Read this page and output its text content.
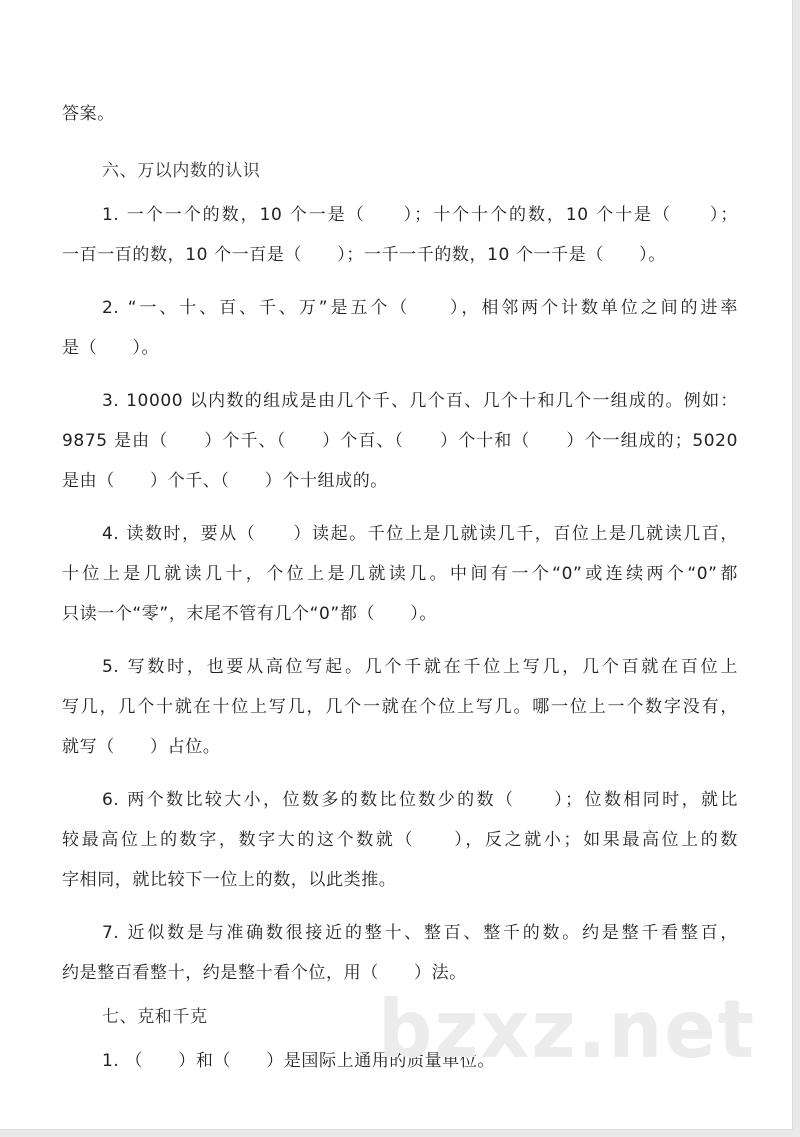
答案。
六、万以内数的认识
1. 一个一个的数，10 个一是（　　）；十个十个的数，10 个十是（　　）；
一百一百的数，10 个一百是（　　）；一千一千的数，10 个一千是（　　）。
2. “一、十、百、千、万”是五个（　　），相邻两个计数单位之间的进率
是（　　）。
3. 10000 以内数的组成是由几个千、几个百、几个十和几个一组成的。例如：
9875 是由（　　）个千、（　　）个百、（　　）个十和（　　）个一组成的；5020
是由（　　）个千、（　　）个十组成的。
4. 读数时，要从（　　）读起。千位上是几就读几千，百位上是几就读几百，
十位上是几就读几十，个位上是几就读几。中间有一个“0”或连续两个“0”都
只读一个“零”，末尾不管有几个“0”都（　　）。
5. 写数时，也要从高位写起。几个千就在千位上写几，几个百就在百位上
写几，几个十就在十位上写几，几个一就在个位上写几。哪一位上一个数字没有，
就写（　　）占位。
6. 两个数比较大小，位数多的数比位数少的数（　　）；位数相同时，就比
较最高位上的数字，数字大的这个数就（　　），反之就小；如果最高位上的数
字相同，就比较下一位上的数，以此类推。
7. 近似数是与准确数很接近的整十、整百、整千的数。约是整千看整百，
约是整百看整十，约是整十看个位，用（　　）法。
七、克和千克
1. （　　）和（　　）是国际上通用的质量单位。
bzxz.net
